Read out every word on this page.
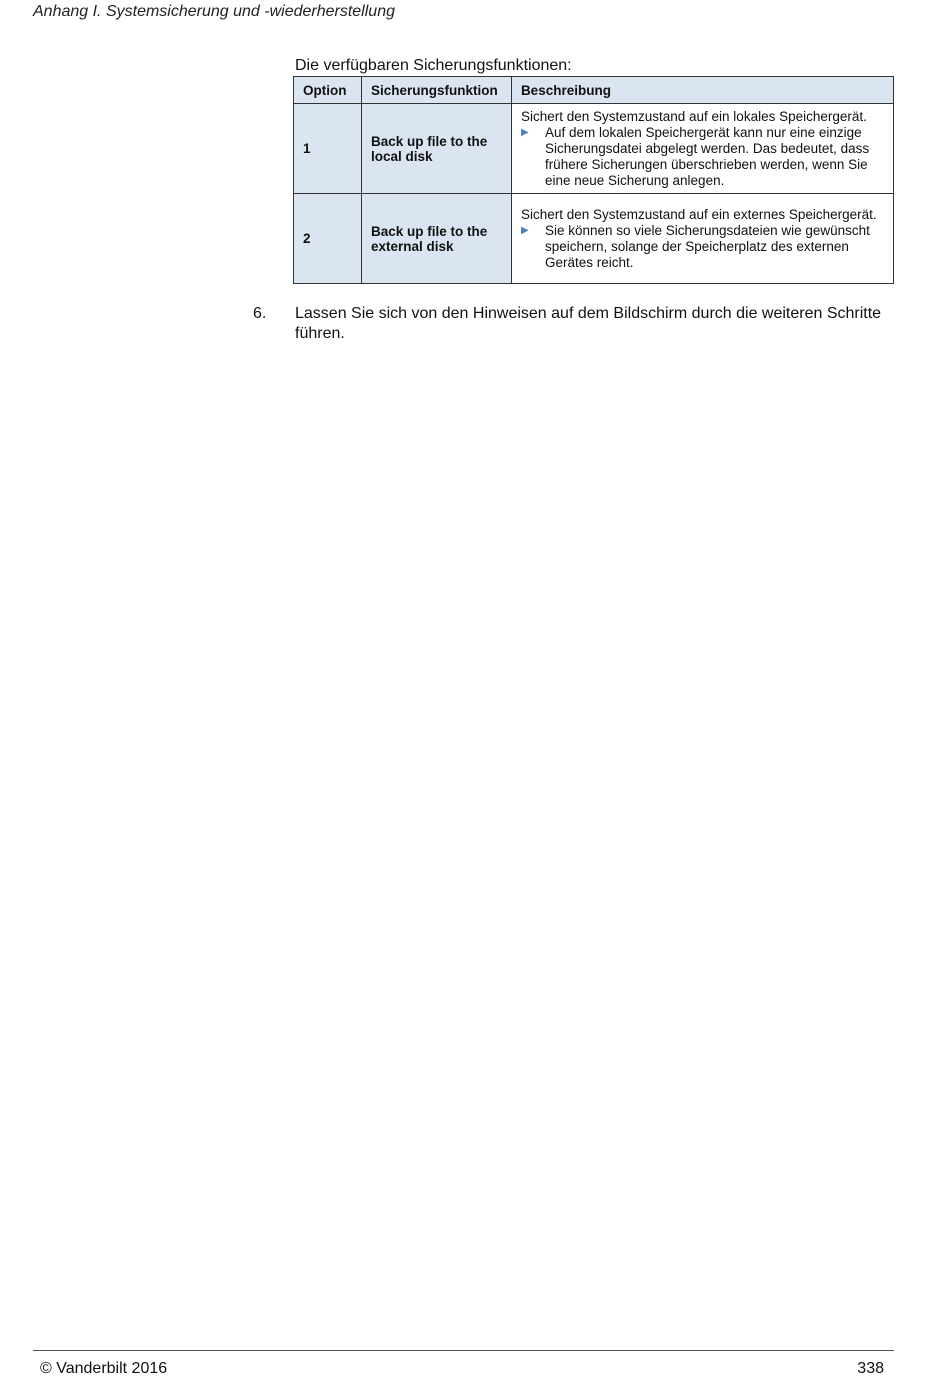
Anhang I. Systemsicherung und -wiederherstellung
Die verfügbaren Sicherungsfunktionen:
Option	Sicherungsfunktion	Beschreibung
1	Back up file to the local disk	Sichert den Systemzustand auf ein lokales Speichergerät.
▶ Auf dem lokalen Speichergerät kann nur eine einzige Sicherungsdatei abgelegt werden. Das bedeutet, dass frühere Sicherungen überschrieben werden, wenn Sie eine neue Sicherung anlegen.

2	Back up file to the external disk	Sichert den Systemzustand auf ein externes Speichergerät.
▶ Sie können so viele Sicherungsdateien wie gewünscht speichern, solange der Speicherplatz des externen Gerätes reicht.
6.	Lassen Sie sich von den Hinweisen auf dem Bildschirm durch die weiteren Schritte führen.
© Vanderbilt 2016	338
